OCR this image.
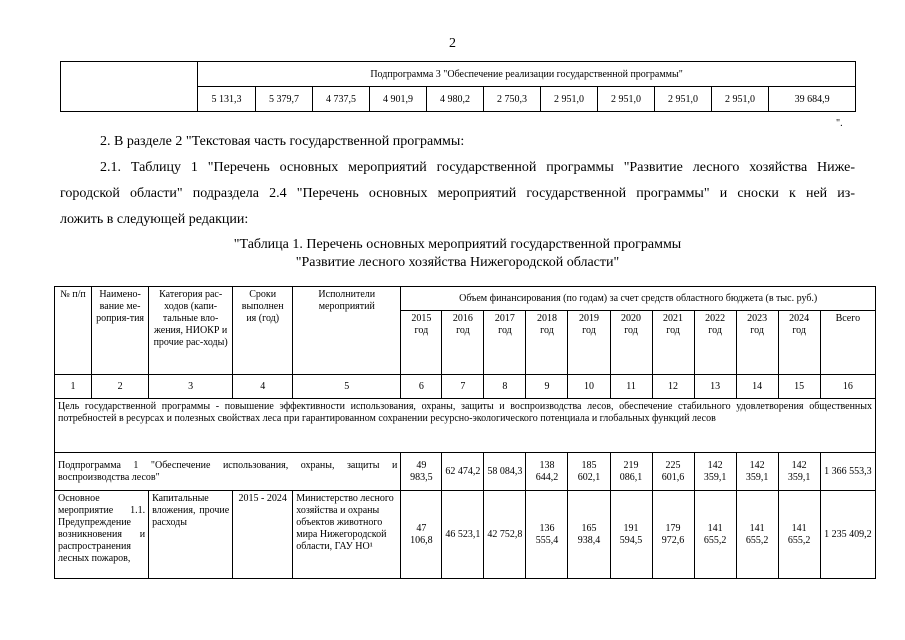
2
	Подпрограмма 3 "Обеспечение реализации государственной программы"										
	5 131,3	5 379,7	4 737,5	4 901,9	4 980,2	2 750,3	2 951,0	2 951,0	2 951,0	2 951,0	39 684,9
".
2. В разделе 2 "Текстовая часть государственной программы:
2.1. Таблицу 1 "Перечень основных мероприятий государственной программы "Развитие лесного хозяйства Ниже-
городской области" подраздела 2.4 "Перечень основных мероприятий государственной программы" и сноски к ней из-
ложить в следующей редакции:
"Таблица 1. Перечень основных мероприятий государственной программы
"Развитие лесного хозяйства Нижегородской области"
№ п/п	Наимено-вание ме-роприя-тия	Категория рас-ходов (капи-тальные вло-жения, НИОКР и прочие рас-ходы)	Сроки выполнен ия (год)	Исполнители мероприятий	Объем финансирования (по годам) за счет средств областного бюджета (в тыс. руб.)										
					2015 год	2016 год	2017 год	2018 год	2019 год	2020 год	2021 год	2022 год	2023 год	2024 год	Всего
1	2	3	4	5	6	7	8	9	10	11	12	13	14	15	16
Цель государственной программы - повышение эффективности использования, охраны, защиты и воспроизводства лесов, обеспечение стабильного удовлетворения общественных потребностей в ресурсах и полезных свойствах леса при гарантированном сохранении ресурсно-экологического потенциала и глобальных функций лесов															
Подпрограмма 1 "Обеспечение использования, охраны, защиты и воспроизводства лесов"					49 983,5	62 474,2	58 084,3	138 644,2	185 602,1	219 086,1	225 601,6	142 359,1	142 359,1	142 359,1	1 366 553,3
Основное мероприятие 1.1. Предупреждение возникновения и распространения лесных пожаров,		Капитальные вложения, прочие расходы	2015 - 2024	Министерство лесного хозяйства и охраны объектов животного мира Нижегородской области, ГАУ НО¹	47 106,8	46 523,1	42 752,8	136 555,4	165 938,4	191 594,5	179 972,6	141 655,2	141 655,2	141 655,2	1 235 409,2
